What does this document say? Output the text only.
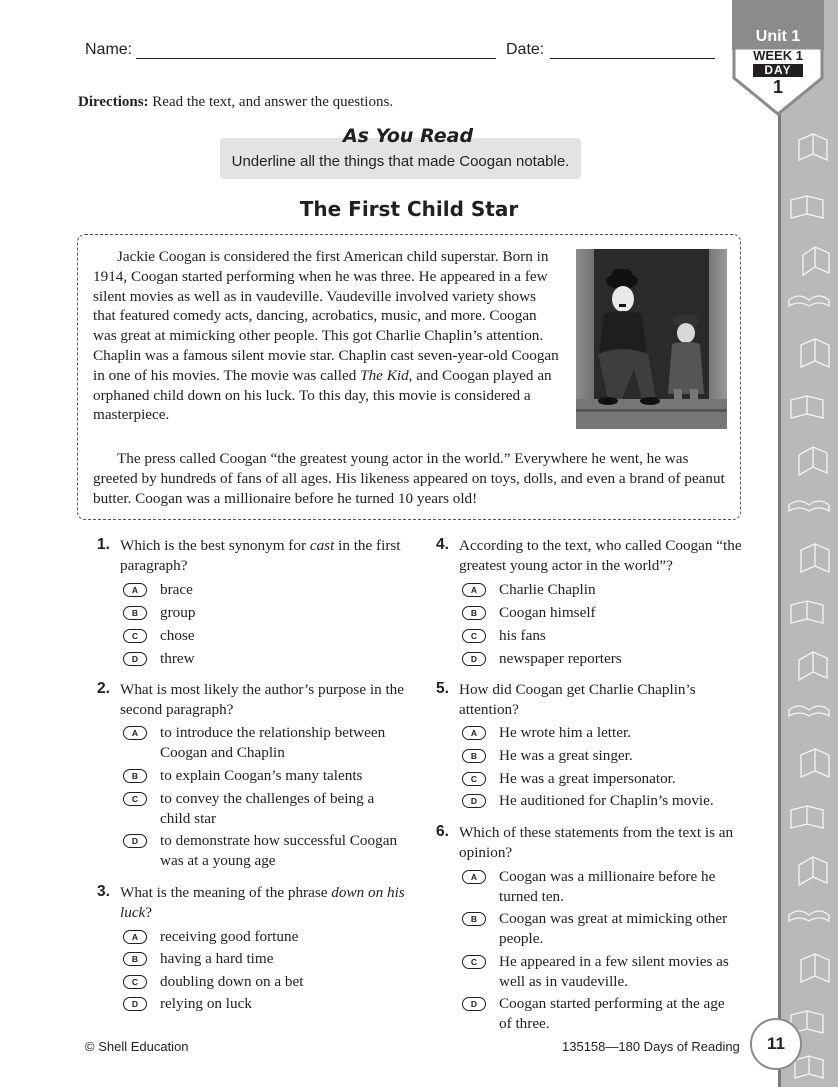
Unit 1
WEEK 1
DAY
1
Name:	Date:
Directions: Read the text, and answer the questions.
As You Read
Underline all the things that made Coogan notable.
The First Child Star

Jackie Coogan is considered the first American child superstar. Born in 1914, Coogan started performing when he was three. He appeared in a few silent movies as well as in vaudeville. Vaudeville involved variety shows that featured comedy acts, dancing, acrobatics, music, and more. Coogan was great at mimicking other people. This got Charlie Chaplin’s attention. Chaplin was a famous silent movie star. Chaplin cast seven-year-old Coogan in one of his movies. The movie was called The Kid, and Coogan played an orphaned child down on his luck. To this day, this movie is considered a masterpiece.

The press called Coogan “the greatest young actor in the world.” Everywhere he went, he was greeted by hundreds of fans of all ages. His likeness appeared on toys, dolls, and even a brand of peanut butter. Coogan was a millionaire before he turned 10 years old!

1. Which is the best synonym for cast in the first paragraph?
A	brace
B	group
C	chose
D	threw
2. What is most likely the author’s purpose in the second paragraph?
A	to introduce the relationship between Coogan and Chaplin
B	to explain Coogan’s many talents
C	to convey the challenges of being a child star
D	to demonstrate how successful Coogan was at a young age
3. What is the meaning of the phrase down on his luck?
A	receiving good fortune
B	having a hard time
C	doubling down on a bet
D	relying on luck
4. According to the text, who called Coogan “the greatest young actor in the world”?
A	Charlie Chaplin
B	Coogan himself
C	his fans
D	newspaper reporters
5. How did Coogan get Charlie Chaplin’s attention?
A	He wrote him a letter.
B	He was a great singer.
C	He was a great impersonator.
D	He auditioned for Chaplin’s movie.
6. Which of these statements from the text is an opinion?
A	Coogan was a millionaire before he turned ten.
B	Coogan was great at mimicking other people.
C	He appeared in a few silent movies as well as in vaudeville.
D	Coogan started performing at the age of three.
© Shell Education	135158—180 Days of Reading	11
